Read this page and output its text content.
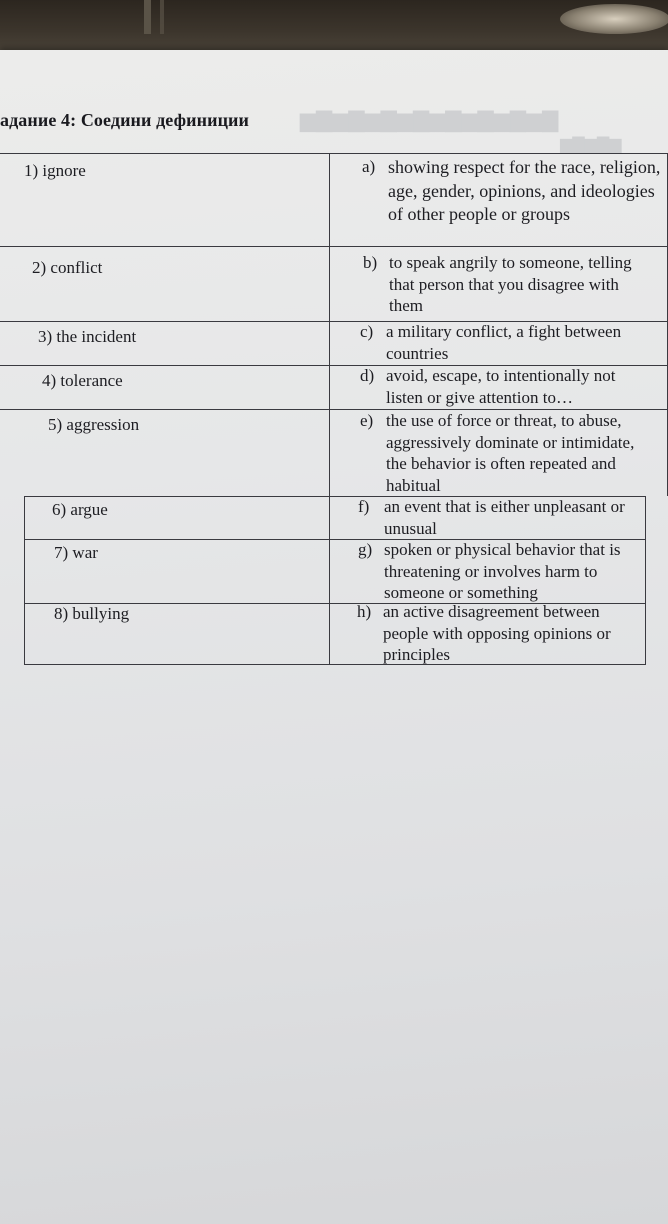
▇▆▇▆▇▆▇▆▇▆▇▆▇▆▇▆
▆▇▆▇▆
адание 4: Соедини дефиниции
1) ignore	a) showing respect for the race, religion, age, gender, opinions, and ideologies of other people or groups
2) conflict	b) to speak angrily to someone, telling that person that you disagree with them
3) the incident	c) a military conflict, a fight between countries
4) tolerance	d) avoid, escape, to intentionally not listen or give attention to…
5) aggression	e) the use of force or threat, to abuse, aggressively dominate or intimidate, the behavior is often repeated and habitual
6) argue	f) an event that is either unpleasant or unusual
7) war	g) spoken or physical behavior that is threatening or involves harm to someone or something
8) bullying	h) an active disagreement between people with opposing opinions or principles
